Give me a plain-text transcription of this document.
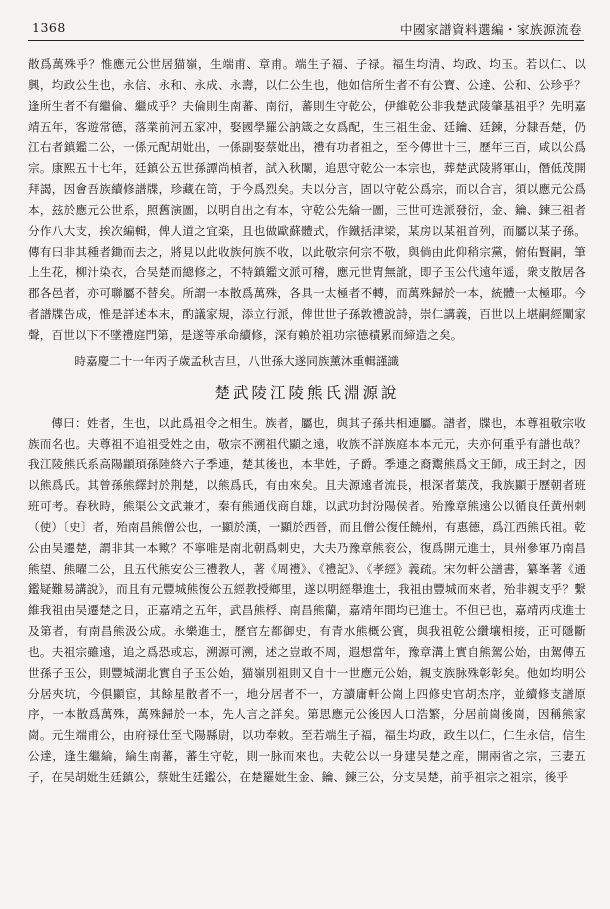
1368	中國家譜資料選編・家族源流卷

散爲萬殊乎？惟應元公世居猫嶺，生端甫、章甫。端生子福、子禄。福生均清、均政、均玉。若以仁、以興，均政公生也，永信、永和、永成、永壽，以仁公生也，他如信所生者不有公寶、公達、公和、公珍乎？逢所生者不有繼倫、繼成乎？夫倫則生南蕃、南衍，蕃則生守乾公，伊維乾公非我楚武陵肇基祖乎？先明嘉靖五年，客遊常德，落業前河五家冲，娶國學羅公訥箴之女爲配，生三祖生金、廷鑰、廷鍊，分隸吾楚，仍江右者鎮鑑二公，一係元配胡妣出，一係副娶蔡妣出，禮有功者祖之，至今傳世十三，歷年三百，咸以公爲宗。康熙五十七年，廷鎮公五世孫譚尚楨者，試入秋闈，追思守乾公一本宗也，葬楚武陵將軍山，僭低茂開拜謁，因會吾族續修譜牒，珍藏在笥，于今爲烈矣。夫以分言，固以守乾公爲宗，而以合言，須以應元公爲本，玆於應元公世系，照舊演圖，以明自出之有本，守乾公先綸一圖，三世可迭派發衍，金、鑰、鍊三祖者分作八大支，挨次編輯，俾人道之宜楽，且也做歐蘇體式，作鐵括津梁，某房以某祖首列，而屬以某子孫。傳有曰非其種者鋤而去之，將見以此收族何族不收，以此敬宗何宗不敬，與倘由此仰稍宗黨，俯佑賢嗣，筆上生花，柳汁染衣，合吴楚而總修之，不特鎮鑑文派可稽，應元世胄無訛，即子玉公代遠年遥，衆支散居各郡各邑者，亦可聯屬不替矣。所謂一本散爲萬殊，各具一太極者不轉，而萬殊歸於一本，統體一太極耶。今者譜牒告成，惟是詳述本末，酌議家規，添立行派，俾世世子孫敦禮說詩，崇仁講義，百世以上堪嗣經闡家聲，百世以下不墜禮庭門第，是遂等承命續修，深有賴於祖功宗德積累而締造之矣。

時嘉慶二十一年丙子歲孟秋吉旦，八世孫大遂同族薰沐重輯謹識

楚武陵江陵熊氏淵源說

傳曰：姓者，生也，以此爲祖令之相生。族者，屬也，與其子孫共相連屬。譜者，牒也，本尊祖敬宗收族而名也。夫尊祖不追祖受姓之由，敬宗不溯祖代顯之遠，收族不詳族庭本本元元，夫亦何重乎有譜也哉？我江陵熊氏系高陽顓頊孫陸終六子季連，楚其後也，本芈姓，子爵。季連之裔鬻熊爲文王師，成王封之，因以熊爲氏。其曾孫熊繹封於荆楚，以熊爲氏，有由來矣。且夫源遠者流長，根深者葉茂，我族顯于歷朝者班班可考。春秋時，熊渠公文武兼才，秦有熊通伐商自雄，以武功封汾陽侯者。殆豫章熊遠公以循良任黄州刺（使）〔史〕者，殆南昌熊僧公也，一顯於漢，一顯於西晉，而且僧公復任饒州，有惠德，爲江西熊氏祖。乾公由吴遷楚，謂非其一本歟？不寧唯是南北朝爲刺史，大夫乃豫章熊衮公，復爲開元進士，貝州參軍乃南昌熊望、熊曜二公，且五代熊安公三禮教人，著《周禮》、《禮記》、《孝經》義疏。宋勿軒公譜書，纂峯著《通鑑疑難易講說》，而且有元豐城熊復公五經教授鄉里，遂以明經舉進士，我祖由豐城而來者，殆非親支乎？繫維我祖由吴遷楚之日，正嘉靖之五年，武昌熊桴、南昌熊蘭，嘉靖年間均已進士。不但已也，嘉靖丙戌進士及第者，有南昌熊汲公成。永樂進士，歷官左都御史，有青水熊概公賓，與我祖乾公纘壤相接，正可隱斷也。夫祖宗雖遠，追之爲恐或忘，溯源可溯，述之豈敢不周，遐想當年，豫章溝上實自熊駕公始，由駕傳五世孫子玉公，則豐城湖北實自子玉公始，猫嶺別祖則又自十一世應元公始，親支族脉殊彰彰矣。他如均明公分居夾坑，今俱顯宦，其餘星散者不一，地分居者不一，方讀庸軒公崗上四修史官胡杰序，並續修支譜原序，一本散爲萬殊，萬殊歸於一本，先人言之詳矣。第思應元公後因人口浩繁，分居前崗後崗，因稱熊家崗。元生端甫公，由府禄仕至弋陽縣尉，以功奉敕。至若端生子福，福生均政，政生以仁，仁生永信，信生公達，逢生繼綸，綸生南蕃，蕃生守乾，則一脉而來也。夫乾公以一身建吴楚之産，開兩省之宗，三妻五子，在吴胡妣生廷鎮公，蔡妣生廷鑑公，在楚羅妣生金、鑰、鍊三公，分支吴楚，前乎祖宗之祖宗，後乎
